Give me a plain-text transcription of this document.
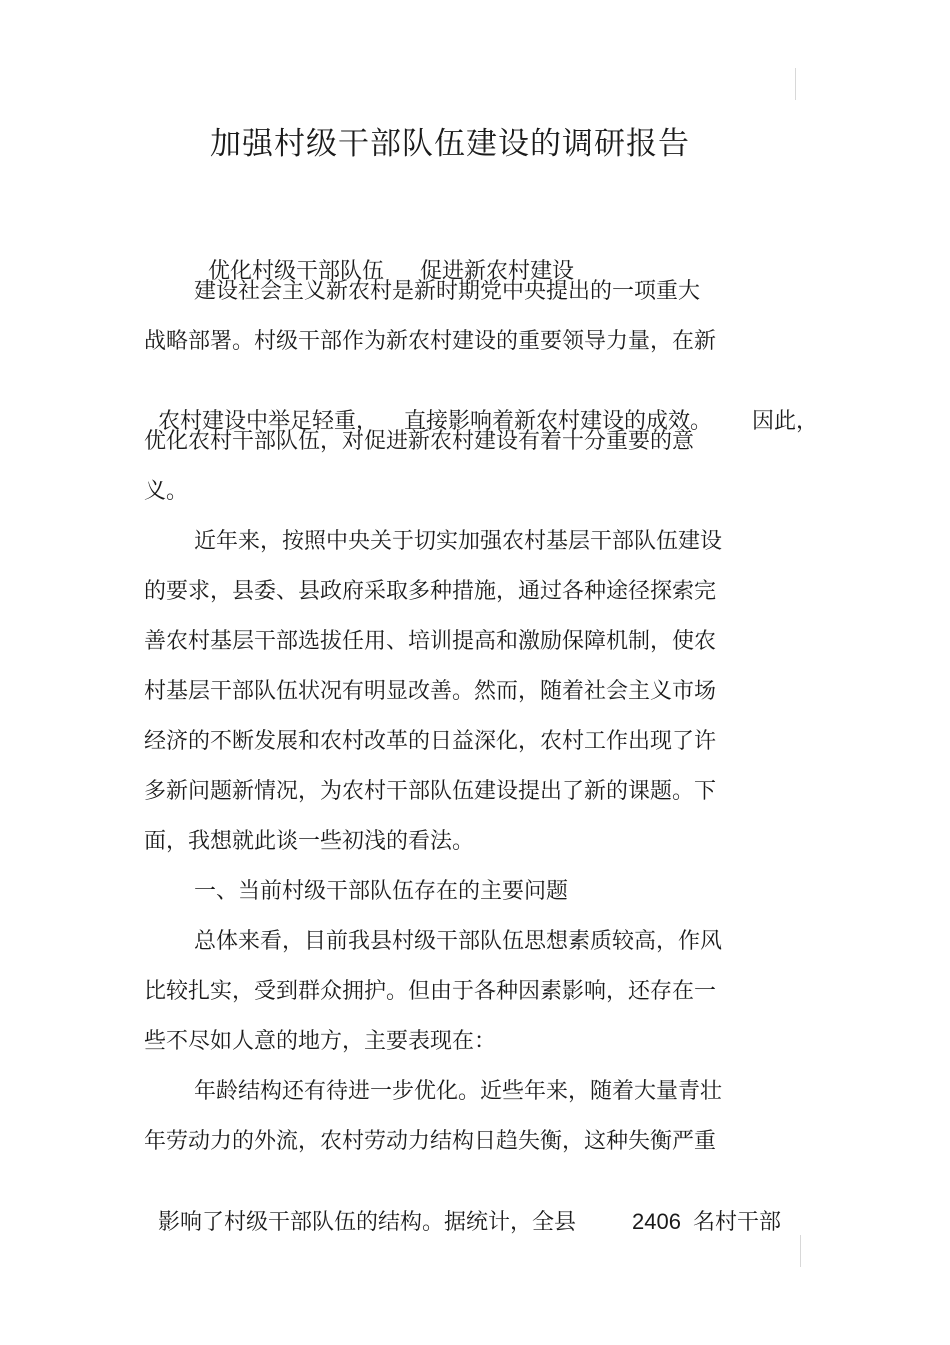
加强村级干部队伍建设的调研报告

优化村级干部队伍 促进新农村建设

建设社会主义新农村是新时期党中央提出的一项重大
战略部署。村级干部作为新农村建设的重要领导力量，在新

农村建设中举足轻重， 直接影响着新农村建设的成效。 因此，

优化农村干部队伍，对促进新农村建设有着十分重要的意
义。
近年来，按照中央关于切实加强农村基层干部队伍建设
的要求，县委、县政府采取多种措施，通过各种途径探索完
善农村基层干部选拔任用、培训提高和激励保障机制，使农
村基层干部队伍状况有明显改善。然而，随着社会主义市场
经济的不断发展和农村改革的日益深化，农村工作出现了许
多新问题新情况，为农村干部队伍建设提出了新的课题。下
面，我想就此谈一些初浅的看法。
一、当前村级干部队伍存在的主要问题
总体来看，目前我县村级干部队伍思想素质较高，作风
比较扎实，受到群众拥护。但由于各种因素影响，还存在一
些不尽如人意的地方，主要表现在：
年龄结构还有待进一步优化。近些年来，随着大量青壮
年劳动力的外流，农村劳动力结构日趋失衡，这种失衡严重

影响了村级干部队伍的结构。据统计，全县	2406 名村干部
